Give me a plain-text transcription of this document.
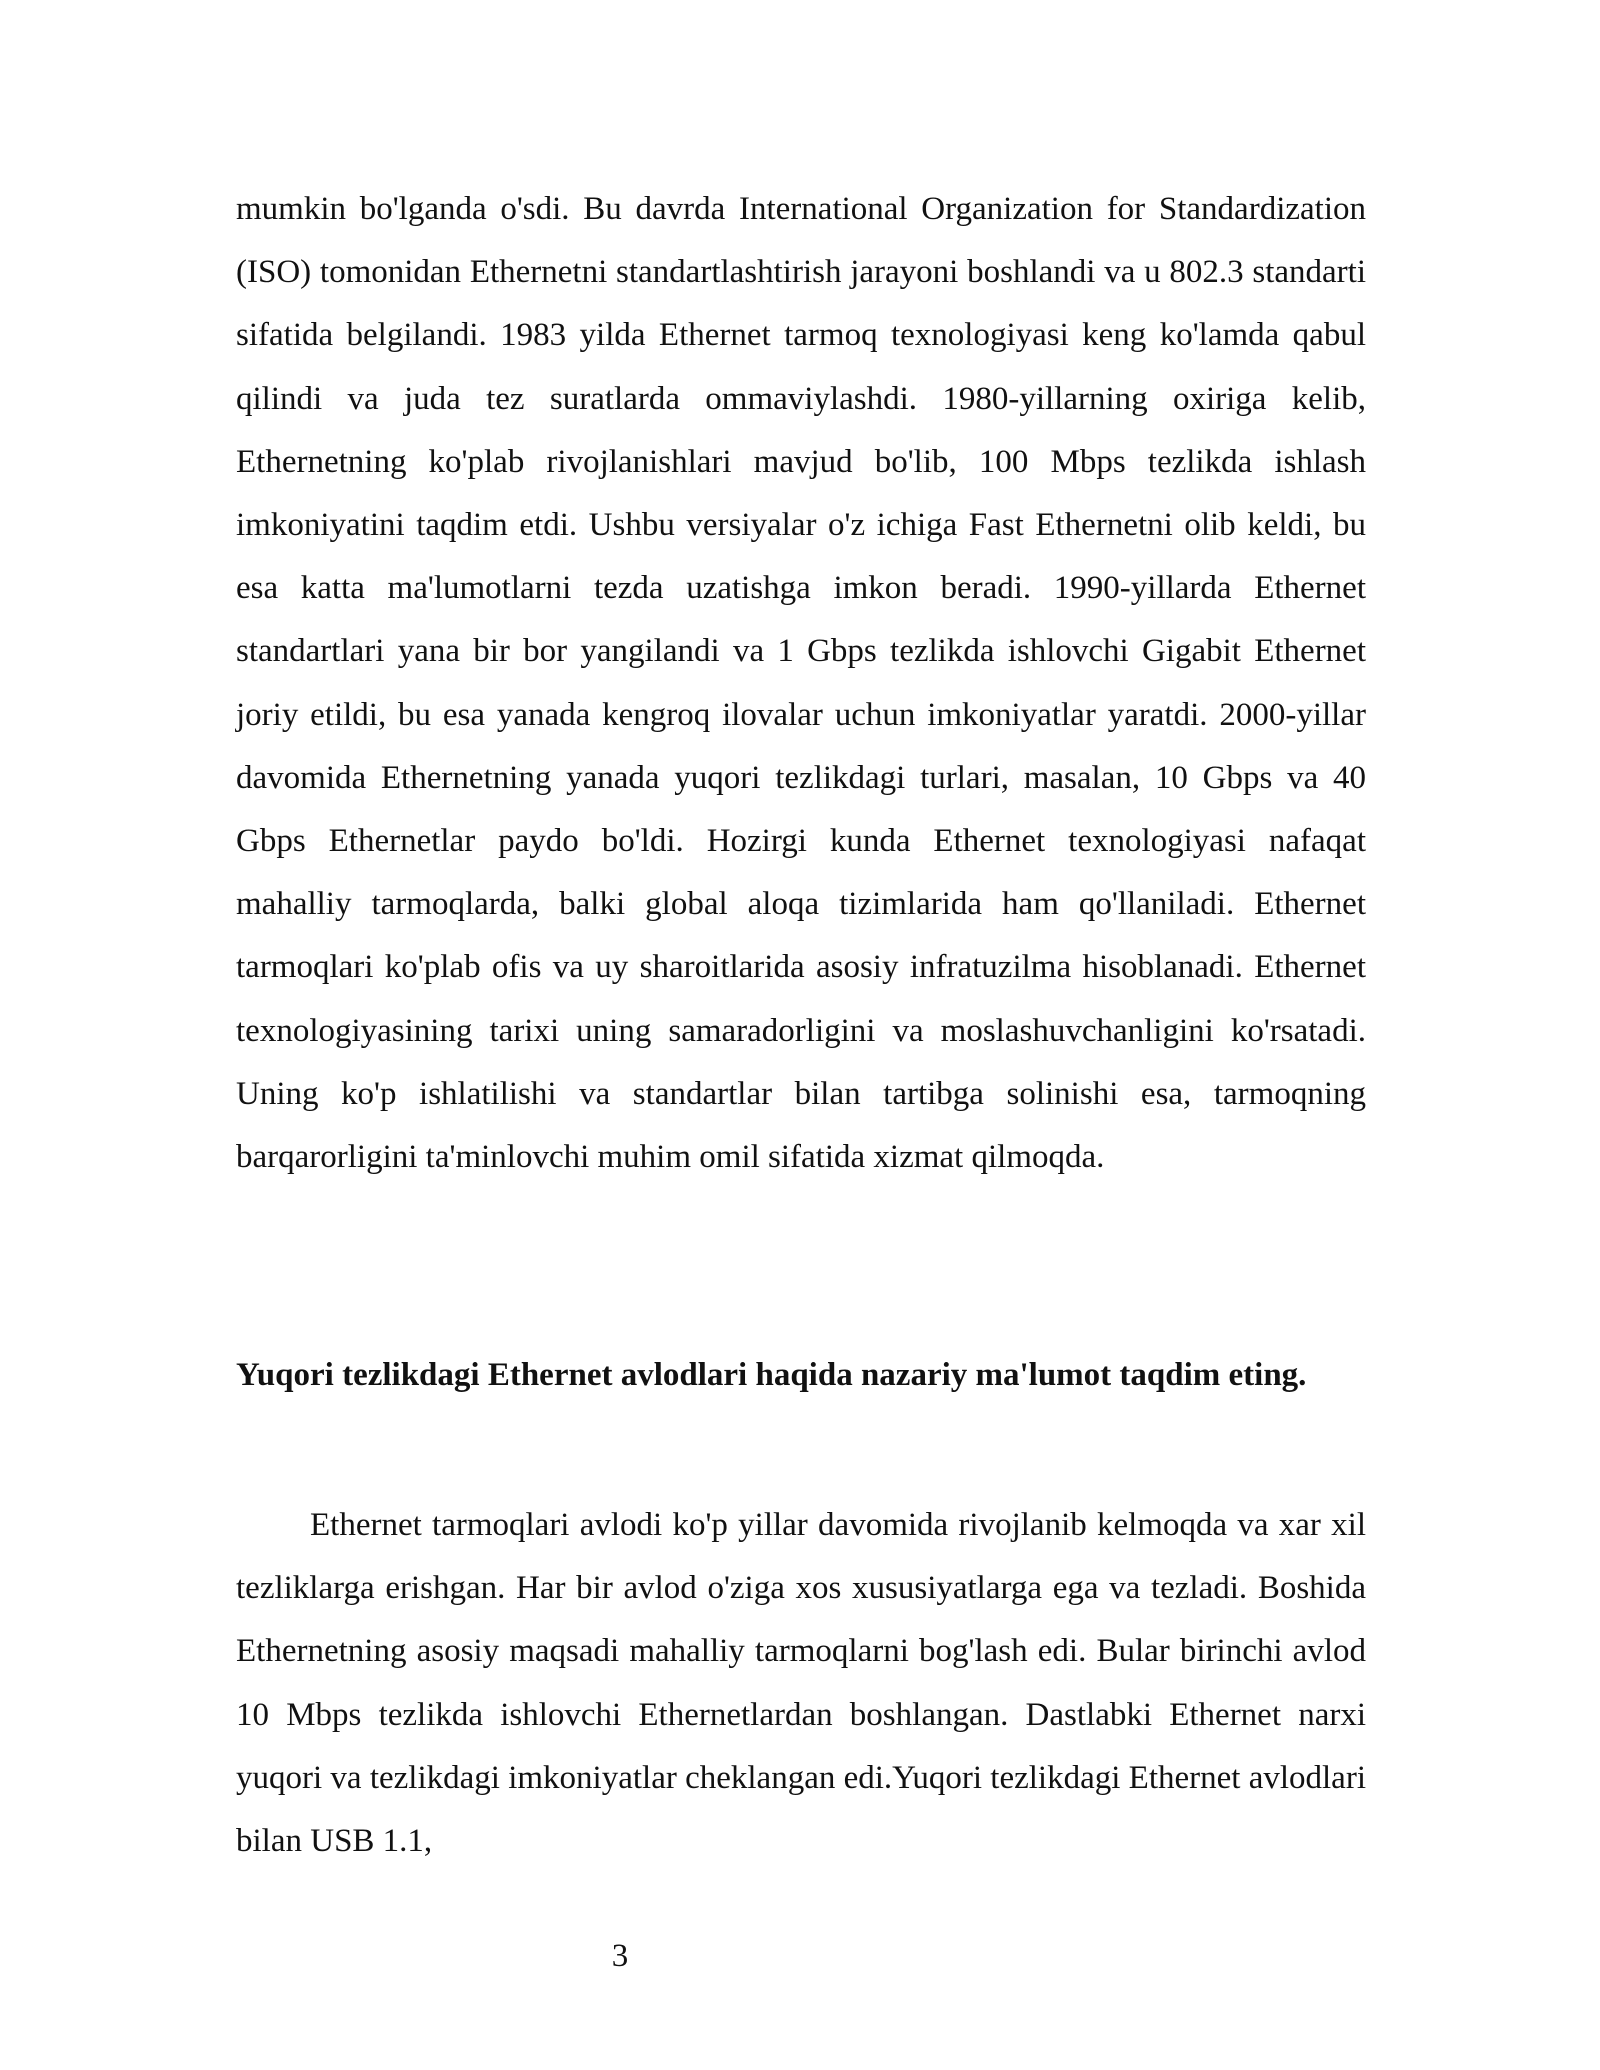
mumkin bo'lganda o'sdi. Bu davrda International Organization for Standardization (ISO) tomonidan Ethernetni standartlashtirish jarayoni boshlandi va u 802.3 standarti sifatida belgilandi. 1983 yilda Ethernet tarmoq texnologiyasi keng ko'lamda qabul qilindi va juda tez suratlarda ommaviylashdi. 1980-yillarning oxiriga kelib, Ethernetning ko'plab rivojlanishlari mavjud bo'lib, 100 Mbps tezlikda ishlash imkoniyatini taqdim etdi. Ushbu versiyalar o'z ichiga Fast Ethernetni olib keldi, bu esa katta ma'lumotlarni tezda uzatishga imkon beradi. 1990-yillarda Ethernet standartlari yana bir bor yangilandi va 1 Gbps tezlikda ishlovchi Gigabit Ethernet joriy etildi, bu esa yanada kengroq ilovalar uchun imkoniyatlar yaratdi. 2000-yillar davomida Ethernetning yanada yuqori tezlikdagi turlari, masalan, 10 Gbps va 40 Gbps Ethernetlar paydo bo'ldi. Hozirgi kunda Ethernet texnologiyasi nafaqat mahalliy tarmoqlarda, balki global aloqa tizimlarida ham qo'llaniladi. Ethernet tarmoqlari ko'plab ofis va uy sharoitlarida asosiy infratuzilma hisoblanadi. Ethernet texnologiyasining tarixi uning samaradorligini va moslashuvchanligini ko'rsatadi. Uning ko'p ishlatilishi va standartlar bilan tartibga solinishi esa, tarmoqning barqarorligini ta'minlovchi muhim omil sifatida xizmat qilmoqda.

Yuqori tezlikdagi Ethernet avlodlari haqida nazariy ma'lumot taqdim eting.

Ethernet tarmoqlari avlodi ko'p yillar davomida rivojlanib kelmoqda va xar xil tezliklarga erishgan. Har bir avlod o'ziga xos xususiyatlarga ega va tezladi. Boshida Ethernetning asosiy maqsadi mahalliy tarmoqlarni bog'lash edi. Bular birinchi avlod 10 Mbps tezlikda ishlovchi Ethernetlardan boshlangan. Dastlabki Ethernet narxi yuqori va tezlikdagi imkoniyatlar cheklangan edi.Yuqori tezlikdagi Ethernet avlodlari bilan USB 1.1,

3
